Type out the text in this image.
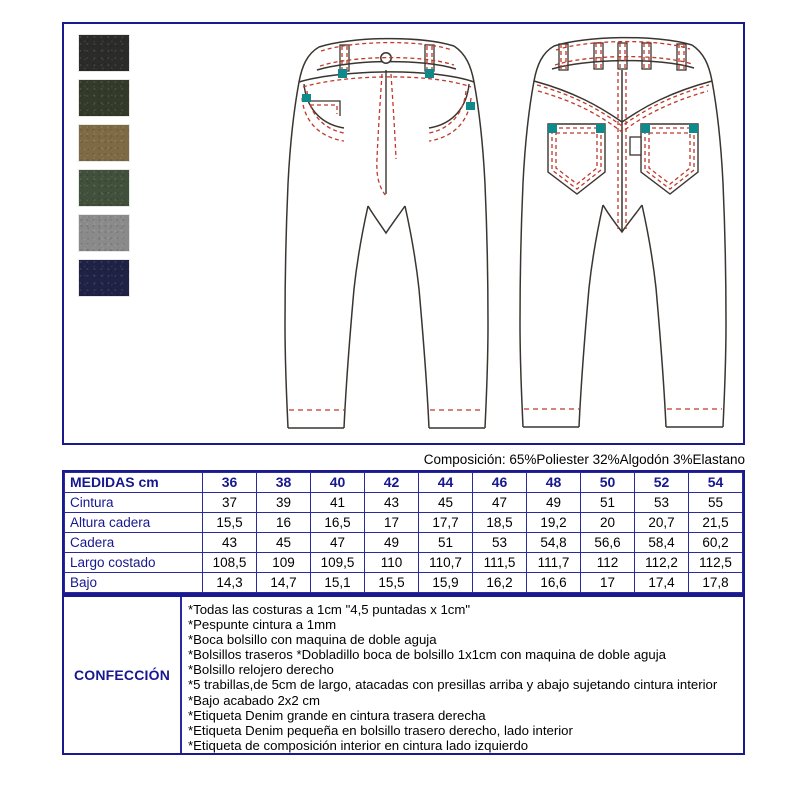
Composición: 65%Poliester 32%Algodón 3%Elastano
MEDIDAS cm	36	38	40	42	44	46	48	50	52	54
Cintura	37	39	41	43	45	47	49	51	53	55
Altura cadera	15,5	16	16,5	17	17,7	18,5	19,2	20	20,7	21,5
Cadera	43	45	47	49	51	53	54,8	56,6	58,4	60,2
Largo costado	108,5	109	109,5	110	110,7	111,5	111,7	112	112,2	112,5
Bajo	14,3	14,7	15,1	15,5	15,9	16,2	16,6	17	17,4	17,8
CONFECCIÓN
*Todas las costuras a 1cm "4,5 puntadas x 1cm"
*Pespunte cintura a 1mm
*Boca bolsillo con maquina de doble aguja
*Bolsillos traseros *Dobladillo boca de bolsillo 1x1cm con maquina de doble aguja
*Bolsillo relojero derecho
*5 trabillas,de 5cm de largo, atacadas con presillas arriba y abajo sujetando cintura interior
*Bajo acabado 2x2 cm
*Etiqueta Denim grande en cintura trasera derecha
*Etiqueta Denim pequeña en bolsillo trasero derecho, lado interior
*Etiqueta de composición interior en cintura lado izquierdo
